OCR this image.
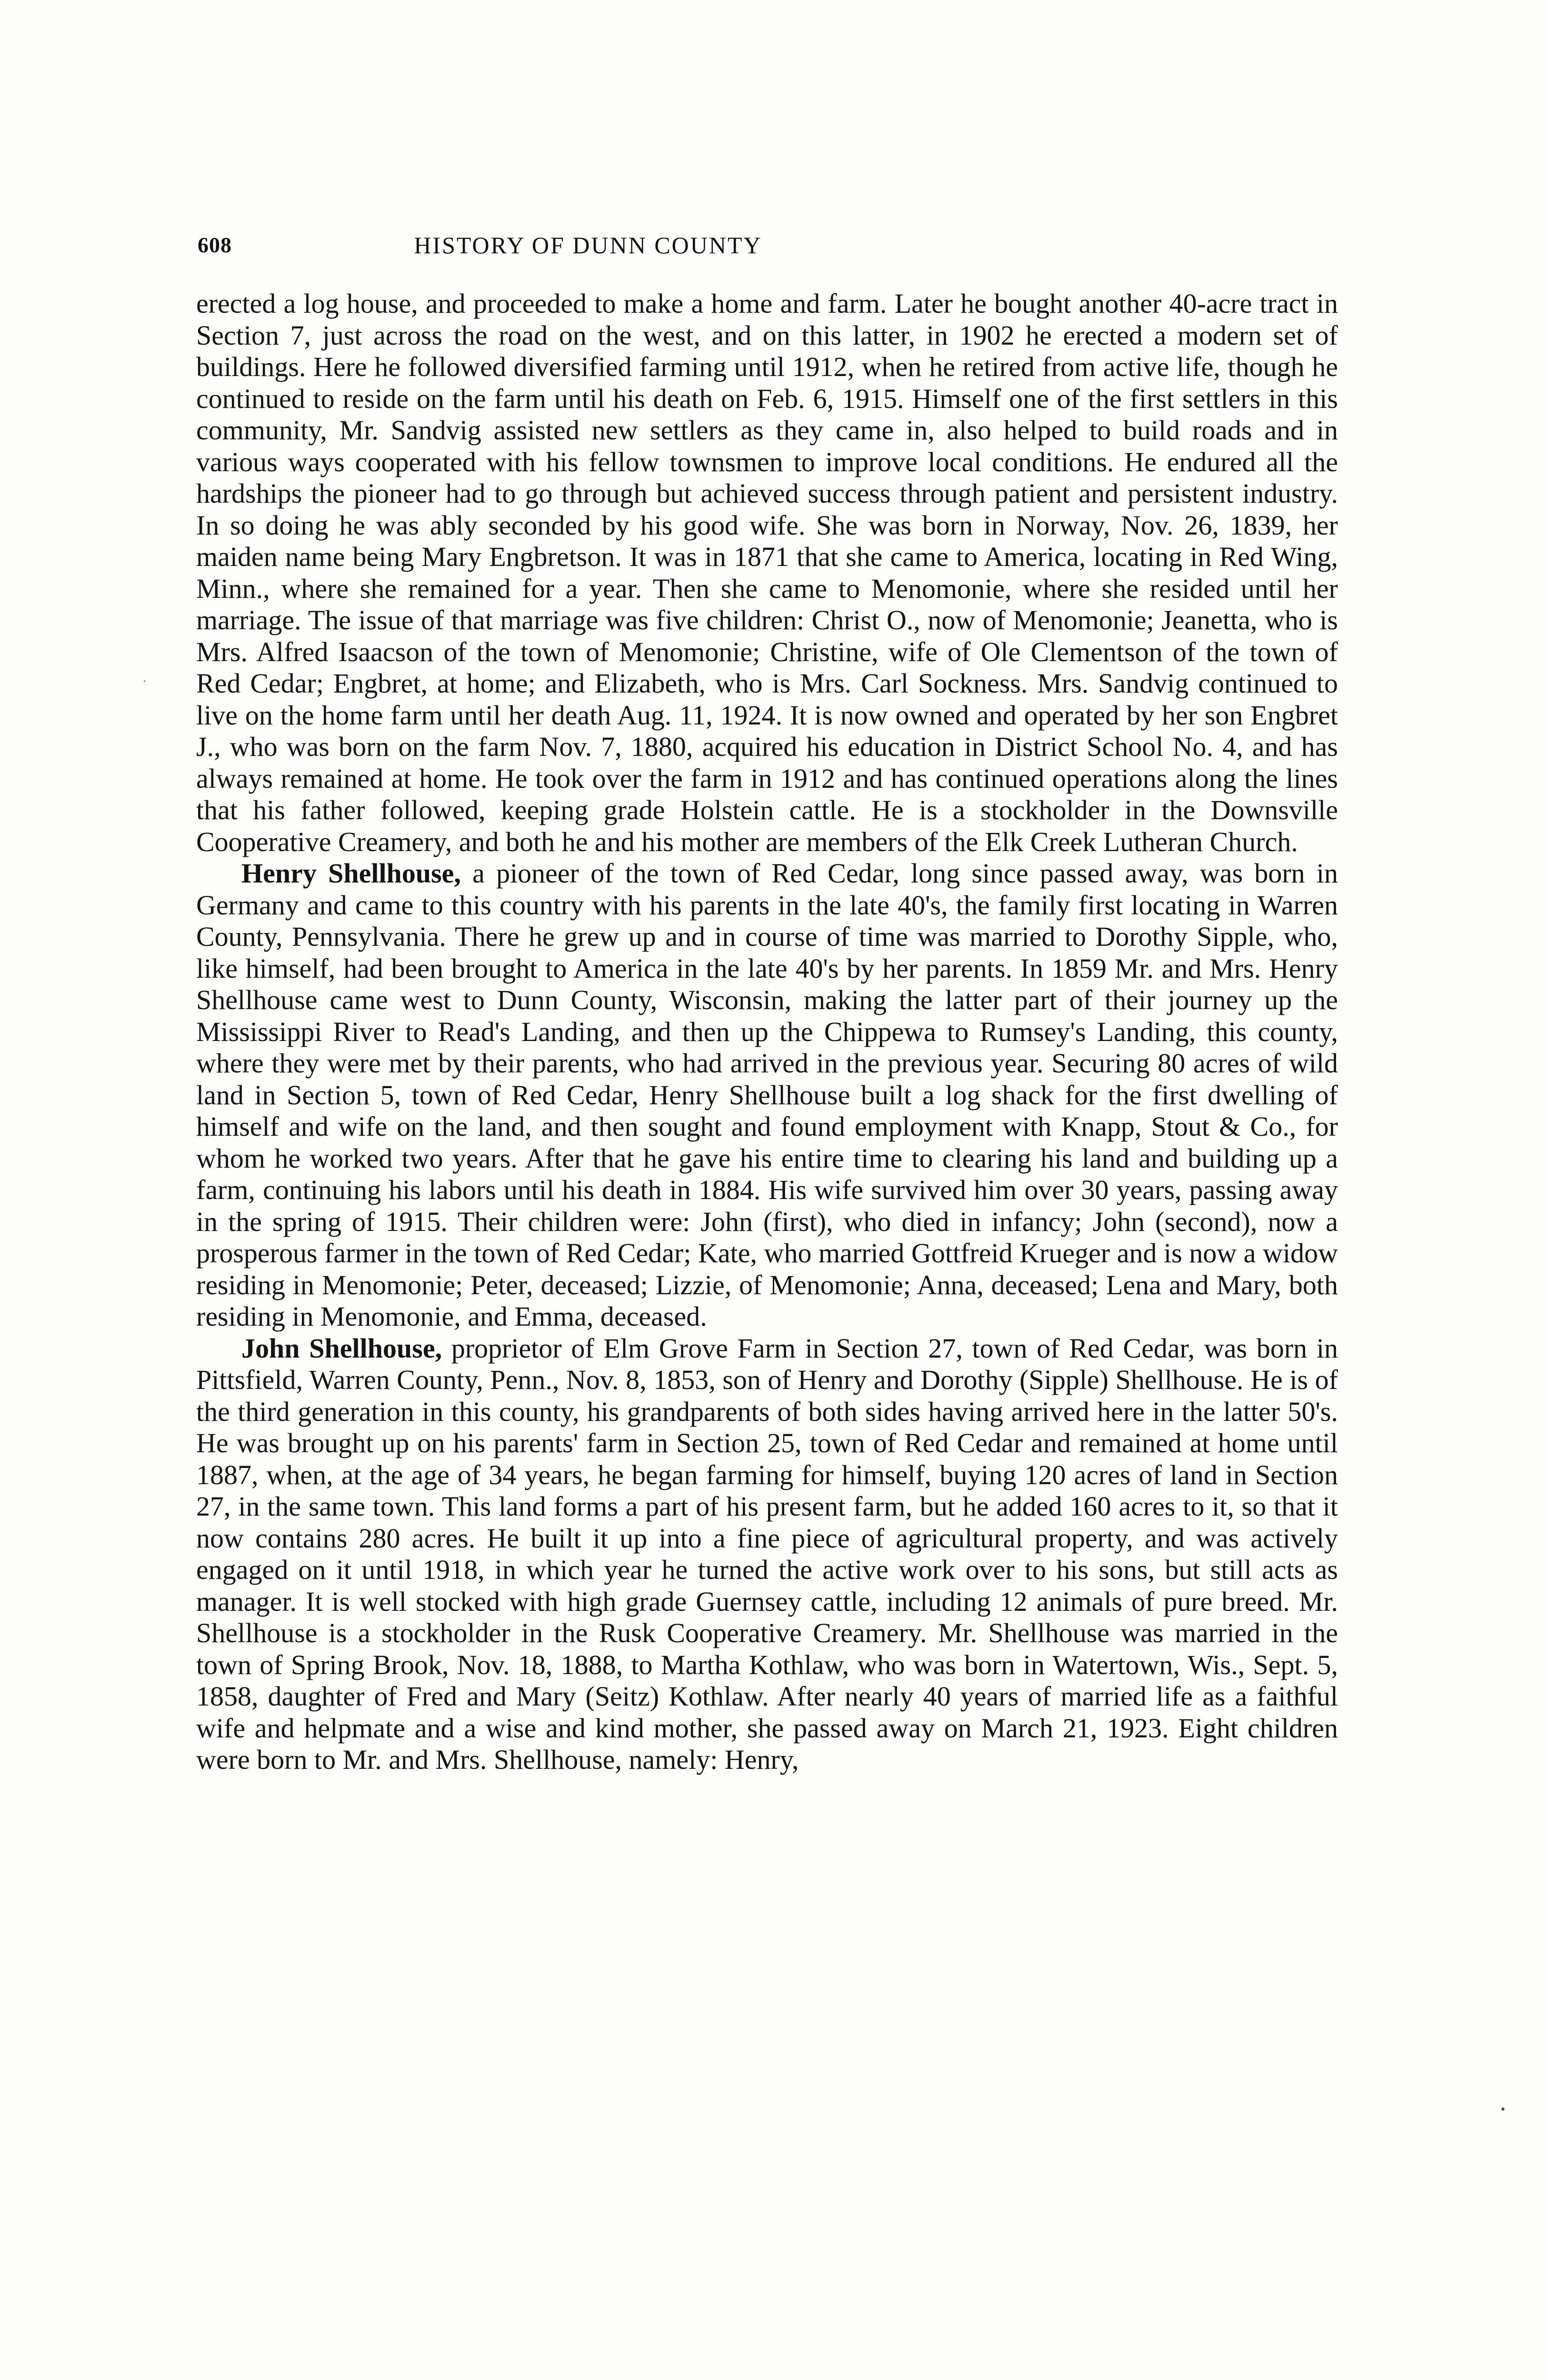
608	HISTORY OF DUNN COUNTY

erected a log house, and proceeded to make a home and farm. Later he bought another 40-acre tract in Section 7, just across the road on the west, and on this latter, in 1902 he erected a modern set of buildings. Here he followed diversified farming until 1912, when he retired from active life, though he continued to reside on the farm until his death on Feb. 6, 1915. Himself one of the first settlers in this community, Mr. Sandvig assisted new settlers as they came in, also helped to build roads and in various ways cooperated with his fellow townsmen to improve local conditions. He endured all the hardships the pioneer had to go through but achieved success through patient and persistent industry. In so doing he was ably seconded by his good wife. She was born in Norway, Nov. 26, 1839, her maiden name being Mary Engbretson. It was in 1871 that she came to America, locating in Red Wing, Minn., where she remained for a year. Then she came to Menomonie, where she resided until her marriage. The issue of that marriage was five children: Christ O., now of Menomonie; Jeanetta, who is Mrs. Alfred Isaacson of the town of Menomonie; Christine, wife of Ole Clementson of the town of Red Cedar; Engbret, at home; and Elizabeth, who is Mrs. Carl Sockness. Mrs. Sandvig continued to live on the home farm until her death Aug. 11, 1924. It is now owned and operated by her son Engbret J., who was born on the farm Nov. 7, 1880, acquired his education in District School No. 4, and has always remained at home. He took over the farm in 1912 and has continued operations along the lines that his father followed, keeping grade Holstein cattle. He is a stockholder in the Downsville Cooperative Creamery, and both he and his mother are members of the Elk Creek Lutheran Church.

Henry Shellhouse, a pioneer of the town of Red Cedar, long since passed away, was born in Germany and came to this country with his parents in the late 40's, the family first locating in Warren County, Pennsylvania. There he grew up and in course of time was married to Dorothy Sipple, who, like himself, had been brought to America in the late 40's by her parents. In 1859 Mr. and Mrs. Henry Shellhouse came west to Dunn County, Wisconsin, making the latter part of their journey up the Mississippi River to Read's Landing, and then up the Chippewa to Rumsey's Landing, this county, where they were met by their parents, who had arrived in the previous year. Securing 80 acres of wild land in Section 5, town of Red Cedar, Henry Shellhouse built a log shack for the first dwelling of himself and wife on the land, and then sought and found employment with Knapp, Stout & Co., for whom he worked two years. After that he gave his entire time to clearing his land and building up a farm, continuing his labors until his death in 1884. His wife survived him over 30 years, passing away in the spring of 1915. Their children were: John (first), who died in infancy; John (second), now a prosperous farmer in the town of Red Cedar; Kate, who married Gottfreid Krueger and is now a widow residing in Menomonie; Peter, deceased; Lizzie, of Menomonie; Anna, deceased; Lena and Mary, both residing in Menomonie, and Emma, deceased.

John Shellhouse, proprietor of Elm Grove Farm in Section 27, town of Red Cedar, was born in Pittsfield, Warren County, Penn., Nov. 8, 1853, son of Henry and Dorothy (Sipple) Shellhouse. He is of the third generation in this county, his grandparents of both sides having arrived here in the latter 50's. He was brought up on his parents' farm in Section 25, town of Red Cedar and remained at home until 1887, when, at the age of 34 years, he began farming for himself, buying 120 acres of land in Section 27, in the same town. This land forms a part of his present farm, but he added 160 acres to it, so that it now contains 280 acres. He built it up into a fine piece of agricultural property, and was actively engaged on it until 1918, in which year he turned the active work over to his sons, but still acts as manager. It is well stocked with high grade Guernsey cattle, including 12 animals of pure breed. Mr. Shellhouse is a stockholder in the Rusk Cooperative Creamery. Mr. Shellhouse was married in the town of Spring Brook, Nov. 18, 1888, to Martha Kothlaw, who was born in Watertown, Wis., Sept. 5, 1858, daughter of Fred and Mary (Seitz) Kothlaw. After nearly 40 years of married life as a faithful wife and helpmate and a wise and kind mother, she passed away on March 21, 1923. Eight children were born to Mr. and Mrs. Shellhouse, namely: Henry,

•
·
